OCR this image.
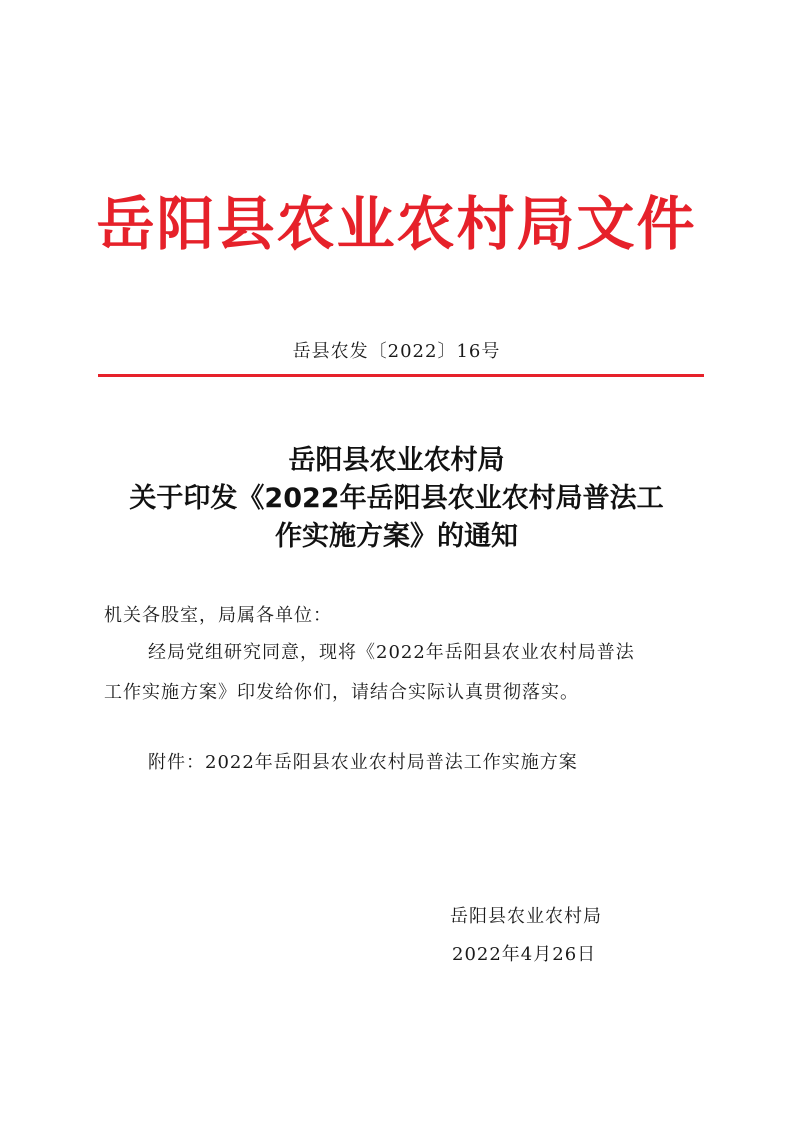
岳阳县农业农村局文件
岳县农发〔2022〕16号
岳阳县农业农村局
关于印发《2022年岳阳县农业农村局普法工
作实施方案》的通知
机关各股室，局属各单位：
经局党组研究同意，现将《2022年岳阳县农业农村局普法
工作实施方案》印发给你们，请结合实际认真贯彻落实。
附件：2022年岳阳县农业农村局普法工作实施方案
岳阳县农业农村局
2022年4月26日
